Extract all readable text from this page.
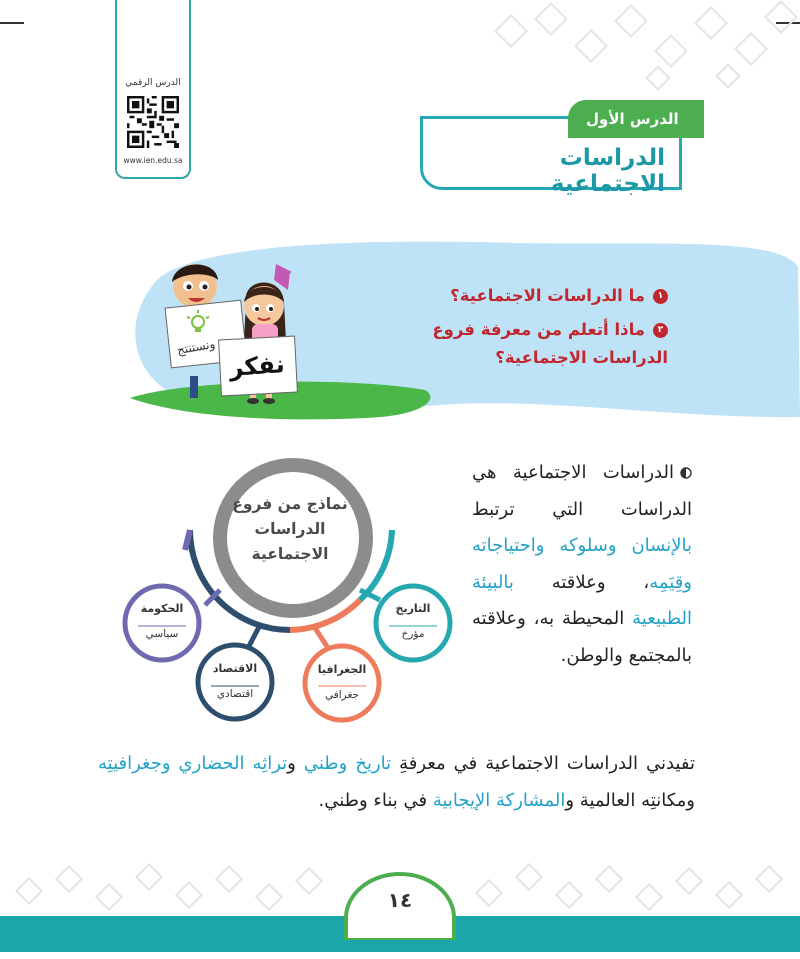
الدرس الرقمي
www.ien.edu.sa
الدرس الأول
الدراسات الاجتماعية
١ما الدراسات الاجتماعية؟
٢ماذا أتعلم من معرفة فروع الدراسات الاجتماعية؟
ونستنتج
نفكر
نماذج من فروع الدراسات الاجتماعية
الحكومة
سياسي
الاقتصاد
اقتصادي
الجغرافيا
جغرافي
التاريخ
مؤرخ
الدراسات الاجتماعية هي الدراسات التي ترتبط بالإنسان وسلوكه واحتياجاته وقِيَمِه، وعلاقته بالبيئة الطبيعية المحيطة به، وعلاقته بالمجتمع والوطن.
تفيدني الدراسات الاجتماعية في معرفةِ تاريخ وطني وتراثِه الحضاري وجغرافيتِه ومكانتِه العالمية والمشاركة الإيجابية في بناء وطني.
١٤
